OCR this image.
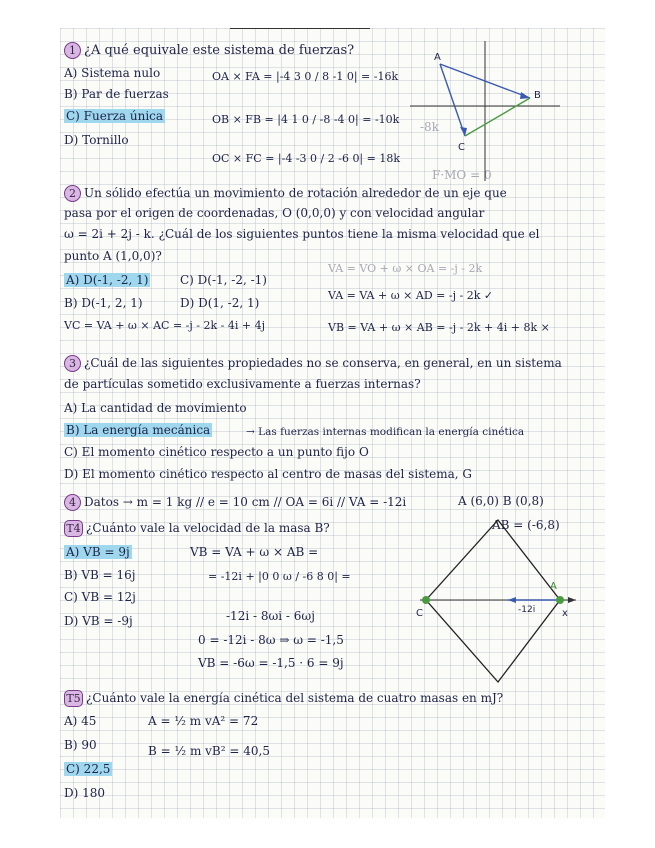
1 ¿A qué equivale este sistema de fuerzas?
A) Sistema nulo
B) Par de fuerzas
C) Fuerza única
D) Tornillo
OA × FA = |-4 3 0 / 8 -1 0| = -16k
OB × FB = |4 1 0 / -8 -4 0| = -10k
OC × FC = |-4 -3 0 / 2 -6 0| = 18k
-8k
F·MO = 0
A
B
C
2 Un sólido efectúa un movimiento de rotación alrededor de un eje que
pasa por el origen de coordenadas, O (0,0,0) y con velocidad angular
ω = 2i + 2j - k. ¿Cuál de los siguientes puntos tiene la misma velocidad que el
punto A (1,0,0)?
A) D(-1, -2, 1)	C) D(-1, -2, -1)
B) D(-1, 2, 1)	D) D(1, -2, 1)
VC = VA + ω × AC = -j - 2k - 4i + 4j
VA = VO + ω × OA = -j - 2k
VA = VA + ω × AD = -j - 2k ✓
VB = VA + ω × AB = -j - 2k + 4i + 8k ×
3 ¿Cuál de las siguientes propiedades no se conserva, en general, en un sistema
de partículas sometido exclusivamente a fuerzas internas?
A) La cantidad de movimiento
B) La energía mecánica	→ Las fuerzas internas modifican la energía cinética
C) El momento cinético respecto a un punto fijo O
D) El momento cinético respecto al centro de masas del sistema, G
4 Datos → m = 1 kg // e = 10 cm // OA = 6i // VA = -12i	A (6,0) B (0,8)
AB = (-6,8)
T4 ¿Cuánto vale la velocidad de la masa B?
A) VB = 9j
B) VB = 16j
C) VB = 12j
D) VB = -9j
VB = VA + ω × AB =
= -12i + |0 0 ω / -6 8 0| =
-12i - 8ωi - 6ωj
0 = -12i - 8ω ⇒ ω = -1,5
VB = -6ω = -1,5 · 6 = 9j
A
C	x
-12i
T5 ¿Cuánto vale la energía cinética del sistema de cuatro masas en mJ?
A) 45
B) 90
C) 22,5
D) 180
A = ½ m vA² = 72
B = ½ m vB² = 40,5
